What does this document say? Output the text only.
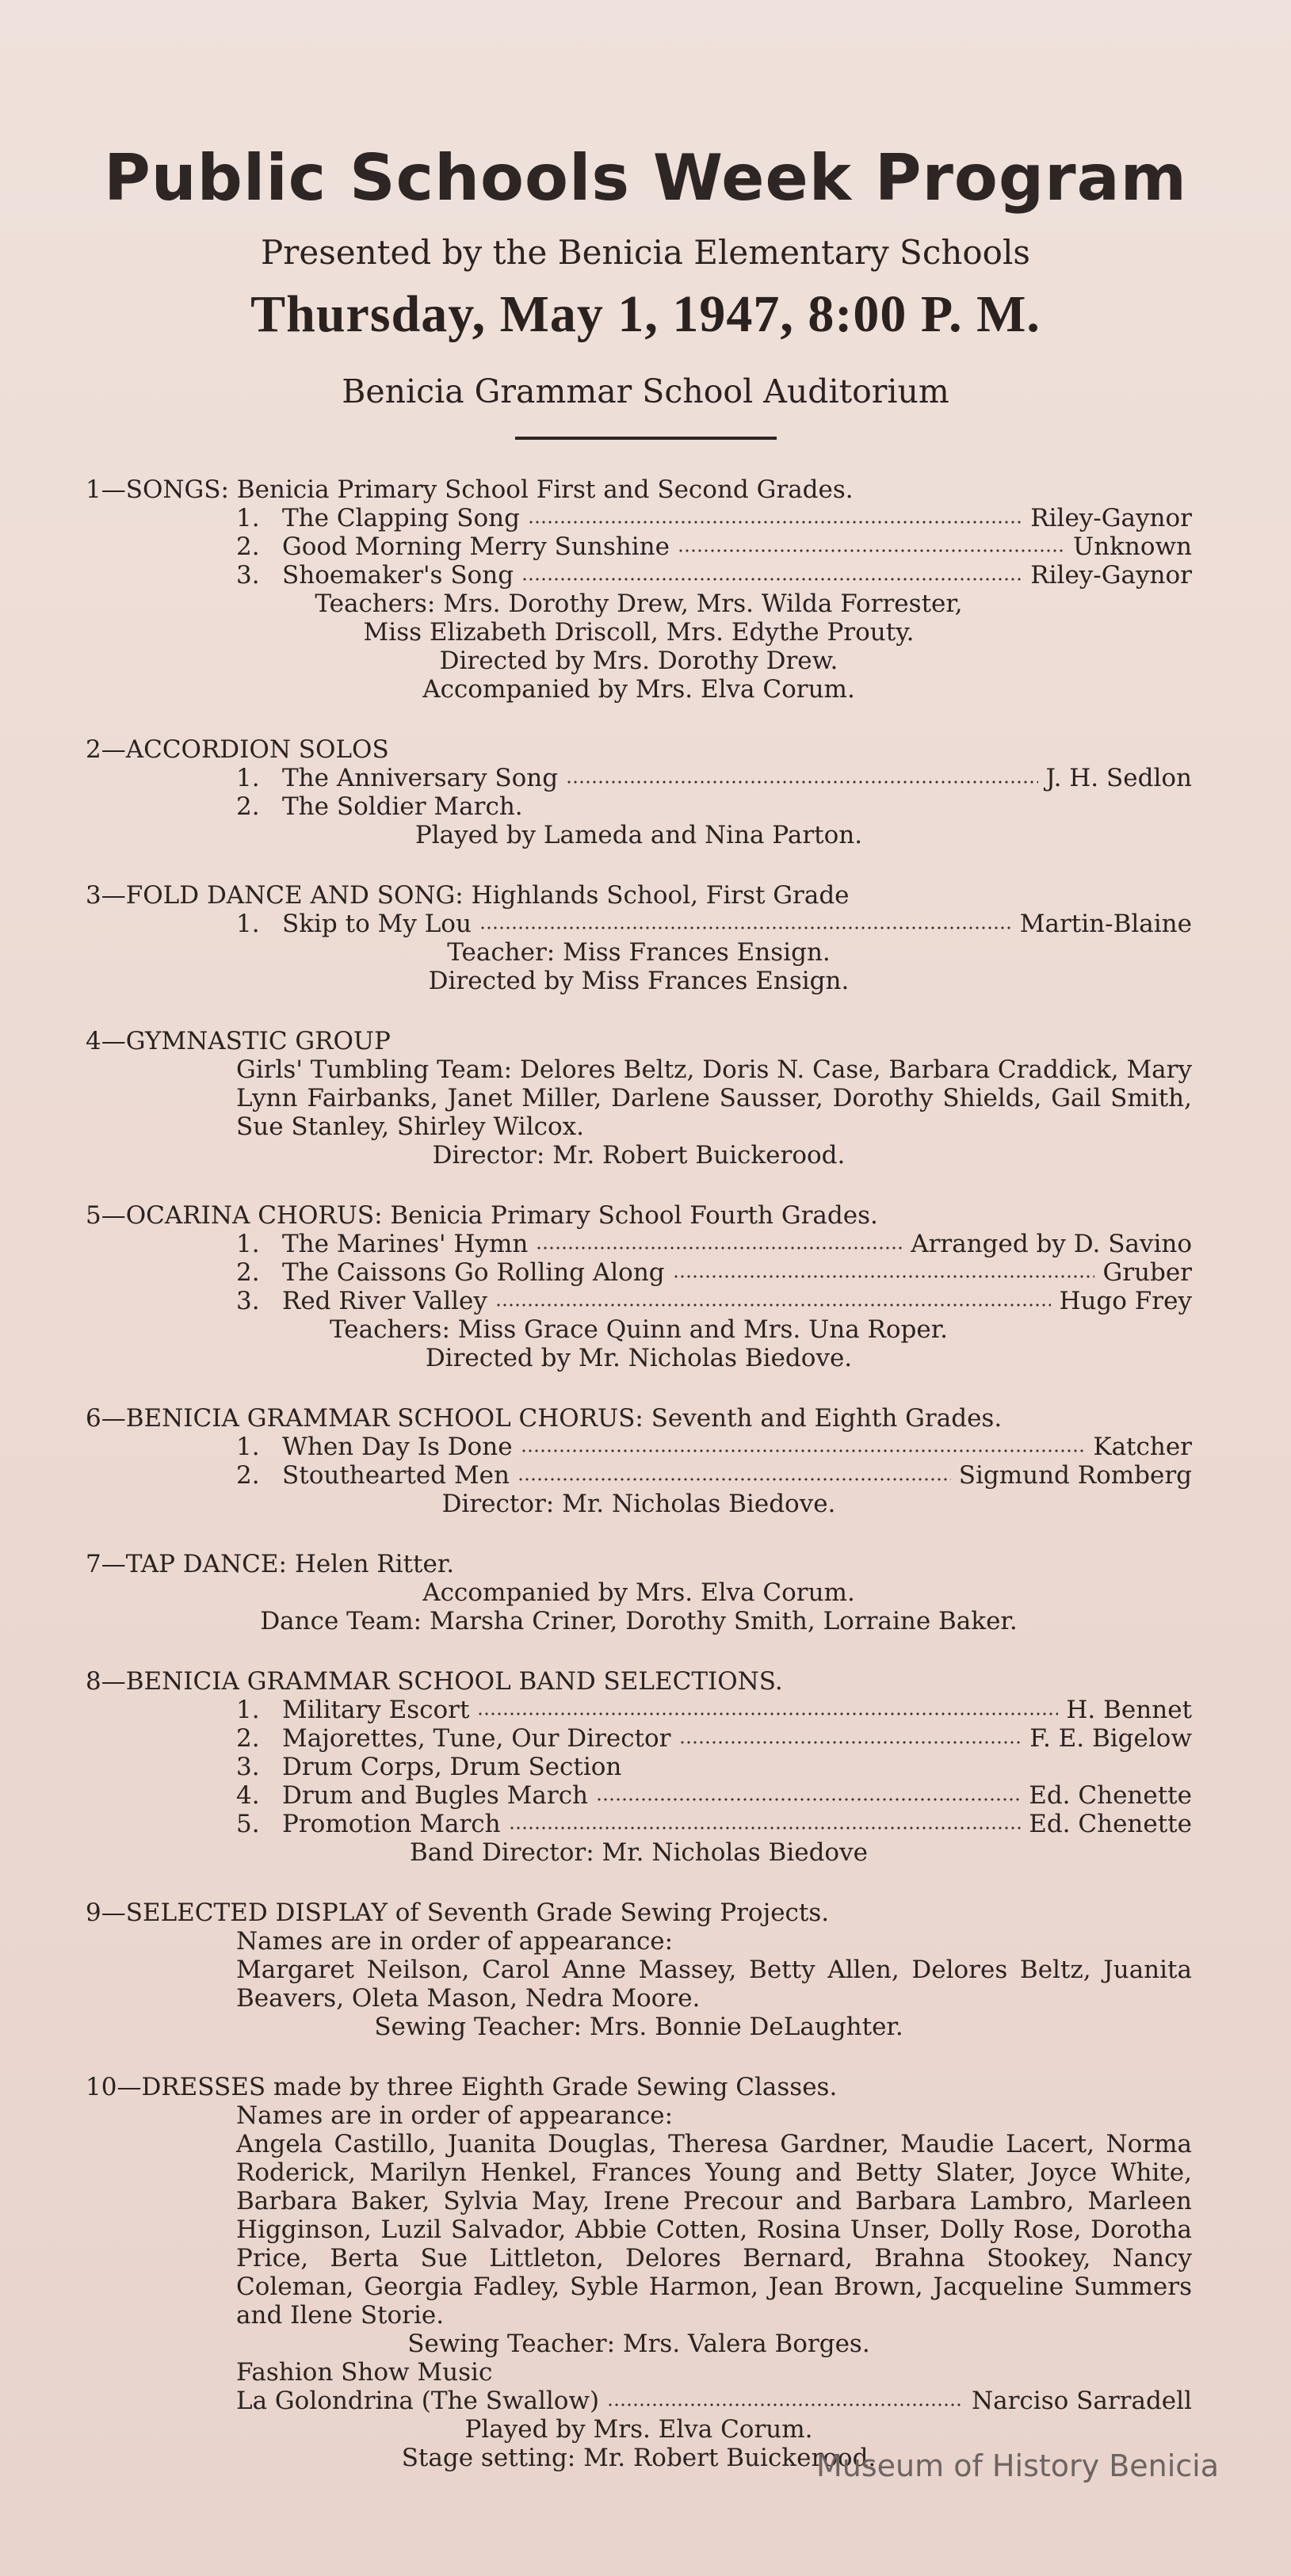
Public Schools Week Program
Presented by the Benicia Elementary Schools
Thursday, May 1, 1947, 8:00 P. M.
Benicia Grammar School Auditorium
1—SONGS: Benicia Primary School First and Second Grades.
1. The Clapping Song	Riley-Gaynor
2. Good Morning Merry Sunshine	Unknown
3. Shoemaker's Song	Riley-Gaynor
Teachers: Mrs. Dorothy Drew, Mrs. Wilda Forrester,
Miss Elizabeth Driscoll, Mrs. Edythe Prouty.
Directed by Mrs. Dorothy Drew.
Accompanied by Mrs. Elva Corum.
2—ACCORDION SOLOS
1. The Anniversary Song	J. H. Sedlon
2. The Soldier March.
Played by Lameda and Nina Parton.
3—FOLD DANCE AND SONG: Highlands School, First Grade
1. Skip to My Lou	Martin-Blaine
Teacher: Miss Frances Ensign.
Directed by Miss Frances Ensign.
4—GYMNASTIC GROUP
Girls' Tumbling Team: Delores Beltz, Doris N. Case, Barbara Craddick, Mary Lynn Fairbanks, Janet Miller, Darlene Sausser, Dorothy Shields, Gail Smith, Sue Stanley, Shirley Wilcox.
Director: Mr. Robert Buickerood.
5—OCARINA CHORUS: Benicia Primary School Fourth Grades.
1. The Marines' Hymn	Arranged by D. Savino
2. The Caissons Go Rolling Along	Gruber
3. Red River Valley	Hugo Frey
Teachers: Miss Grace Quinn and Mrs. Una Roper.
Directed by Mr. Nicholas Biedove.
6—BENICIA GRAMMAR SCHOOL CHORUS: Seventh and Eighth Grades.
1. When Day Is Done	Katcher
2. Stouthearted Men	Sigmund Romberg
Director: Mr. Nicholas Biedove.
7—TAP DANCE: Helen Ritter.
Accompanied by Mrs. Elva Corum.
Dance Team: Marsha Criner, Dorothy Smith, Lorraine Baker.
8—BENICIA GRAMMAR SCHOOL BAND SELECTIONS.
1. Military Escort	H. Bennet
2. Majorettes, Tune, Our Director	F. E. Bigelow
3. Drum Corps, Drum Section
4. Drum and Bugles March	Ed. Chenette
5. Promotion March	Ed. Chenette
Band Director: Mr. Nicholas Biedove
9—SELECTED DISPLAY of Seventh Grade Sewing Projects.
Names are in order of appearance:
Margaret Neilson, Carol Anne Massey, Betty Allen, Delores Beltz, Juanita Beavers, Oleta Mason, Nedra Moore.
Sewing Teacher: Mrs. Bonnie DeLaughter.
10—DRESSES made by three Eighth Grade Sewing Classes.
Names are in order of appearance:
Angela Castillo, Juanita Douglas, Theresa Gardner, Maudie Lacert, Norma Roderick, Marilyn Henkel, Frances Young and Betty Slater, Joyce White, Barbara Baker, Sylvia May, Irene Precour and Barbara Lambro, Marleen Higginson, Luzil Salvador, Abbie Cotten, Rosina Unser, Dolly Rose, Dorotha Price, Berta Sue Littleton, Delores Bernard, Brahna Stookey, Nancy Coleman, Georgia Fadley, Syble Harmon, Jean Brown, Jacqueline Summers and Ilene Storie.
Sewing Teacher: Mrs. Valera Borges.
Fashion Show Music
La Golondrina (The Swallow)	Narciso Sarradell
Played by Mrs. Elva Corum.
Stage setting: Mr. Robert Buickerood.
Museum of History Benicia
